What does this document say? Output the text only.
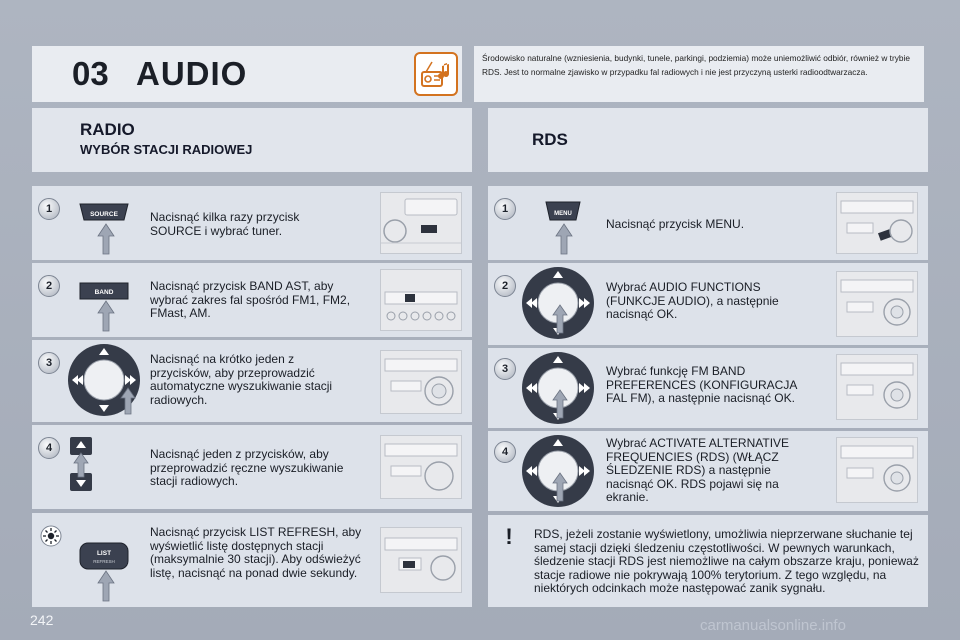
03 AUDIO	Środowisko naturalne (wzniesienia, budynki, tunele, parkingi, podziemia) może uniemożliwić odbiór, również w trybie RDS. Jest to normalne zjawisko w przypadku fal radiowych i nie jest przyczyną usterki radioodtwarzacza.
RADIO
WYBÓR STACJI RADIOWEJ
1	SOURCE	Nacisnąć kilka razy przycisk SOURCE i wybrać tuner.
2
BAND	Nacisnąć przycisk BAND AST, aby wybrać zakres fal spośród FM1, FM2, FMast, AM.
3	Nacisnąć na krótko jeden z przycisków, aby przeprowadzić automatyczne wyszukiwanie stacji radiowych.
4	Nacisnąć jeden z przycisków, aby przeprowadzić ręczne wyszukiwanie stacji radiowych.
LIST
REFRESH
Nacisnąć przycisk LIST REFRESH, aby wyświetlić listę dostępnych stacji (maksymalnie 30 stacji). Aby odświeżyć listę, nacisnąć na ponad dwie sekundy.
RDS
1	MENU
Nacisnąć przycisk MENU.
2	Wybrać AUDIO FUNCTIONS (FUNKCJE AUDIO), a następnie nacisnąć OK.
3	Wybrać funkcję FM BAND PREFERENCES (KONFIGURACJA FAL FM), a następnie nacisnąć OK.
4
Wybrać ACTIVATE ALTERNATIVE FREQUENCIES (RDS) (WŁĄCZ ŚLEDZENIE RDS) a następnie nacisnąć OK. RDS pojawi się na ekranie.
!	RDS, jeżeli zostanie wyświetlony, umożliwia nieprzerwane słuchanie tej samej stacji dzięki śledzeniu częstotliwości. W pewnych warunkach, śledzenie stacji RDS jest niemożliwe na całym obszarze kraju, ponieważ stacje radiowe nie pokrywają 100% terytorium. Z tego względu, na niektórych odcinkach może następować zanik sygnału.
242	carmanualsonline.info
